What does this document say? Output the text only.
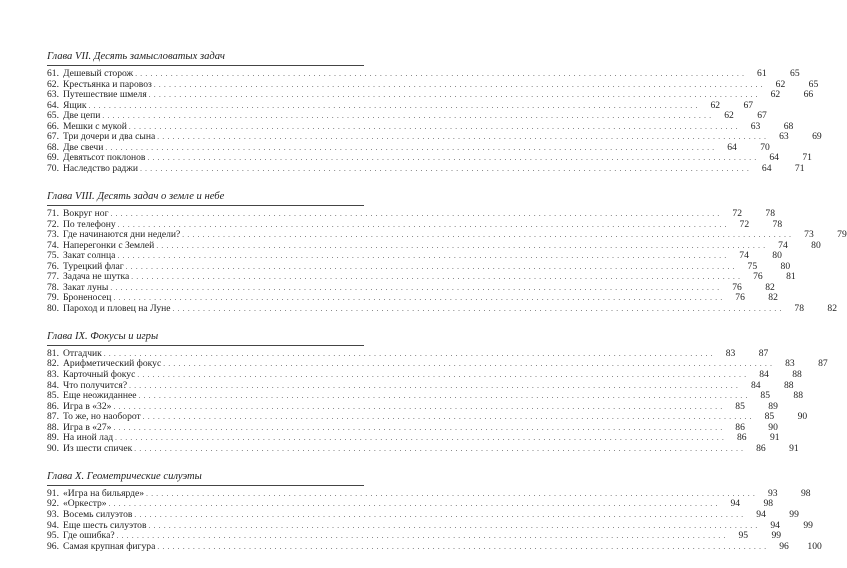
Глава VII. Десять замысловатых задач
61. Дешевый сторож . . . . . . . . . . . . . . . . . . . . . . . . . . . . . . . . . . . . . . . . . . . . . . . . . . . . . . . . . . . . . . . . . . . . . . . . . . . . . . . . . . . . . . . . . . . . . . . . . . . . . . . . . . . . . . . . . . . . . . . .	61	65
62. Крестьянка и паровоз . . . . . . . . . . . . . . . . . . . . . . . . . . . . . . . . . . . . . . . . . . . . . . . . . . . . . . . . . . . . . . . . . . . . . . . . . . . . . . . . . . . . . . . . . . . . . . . . . . . . . . . . . . . . . . . . . . . . . . . .	62	65
63. Путешествие шмеля . . . . . . . . . . . . . . . . . . . . . . . . . . . . . . . . . . . . . . . . . . . . . . . . . . . . . . . . . . . . . . . . . . . . . . . . . . . . . . . . . . . . . . . . . . . . . . . . . . . . . . . . . . . . . . . . . . . . . . . .	62	66
64. Ящик . . . . . . . . . . . . . . . . . . . . . . . . . . . . . . . . . . . . . . . . . . . . . . . . . . . . . . . . . . . . . . . . . . . . . . . . . . . . . . . . . . . . . . . . . . . . . . . . . . . . . . . . . . . . . . . . . . . . . . . .	62	67
65. Две цепи . . . . . . . . . . . . . . . . . . . . . . . . . . . . . . . . . . . . . . . . . . . . . . . . . . . . . . . . . . . . . . . . . . . . . . . . . . . . . . . . . . . . . . . . . . . . . . . . . . . . . . . . . . . . . . . . . . . . . . . .	62	67
66. Мешки с мукой . . . . . . . . . . . . . . . . . . . . . . . . . . . . . . . . . . . . . . . . . . . . . . . . . . . . . . . . . . . . . . . . . . . . . . . . . . . . . . . . . . . . . . . . . . . . . . . . . . . . . . . . . . . . . . . . . . . . . . . .	63	68
67. Три дочери и два сына . . . . . . . . . . . . . . . . . . . . . . . . . . . . . . . . . . . . . . . . . . . . . . . . . . . . . . . . . . . . . . . . . . . . . . . . . . . . . . . . . . . . . . . . . . . . . . . . . . . . . . . . . . . . . . . . . . . . . . . .	63	69
68. Две свечи . . . . . . . . . . . . . . . . . . . . . . . . . . . . . . . . . . . . . . . . . . . . . . . . . . . . . . . . . . . . . . . . . . . . . . . . . . . . . . . . . . . . . . . . . . . . . . . . . . . . . . . . . . . . . . . . . . . . . . . .	64	70
69. Девятьсот поклонов . . . . . . . . . . . . . . . . . . . . . . . . . . . . . . . . . . . . . . . . . . . . . . . . . . . . . . . . . . . . . . . . . . . . . . . . . . . . . . . . . . . . . . . . . . . . . . . . . . . . . . . . . . . . . . . . . . . . . . . .	64	71
70. Наследство раджи . . . . . . . . . . . . . . . . . . . . . . . . . . . . . . . . . . . . . . . . . . . . . . . . . . . . . . . . . . . . . . . . . . . . . . . . . . . . . . . . . . . . . . . . . . . . . . . . . . . . . . . . . . . . . . . . . . . . . . . .	64	71
Глава VIII. Десять задач о земле и небе
71. Вокруг ног . . . . . . . . . . . . . . . . . . . . . . . . . . . . . . . . . . . . . . . . . . . . . . . . . . . . . . . . . . . . . . . . . . . . . . . . . . . . . . . . . . . . . . . . . . . . . . . . . . . . . . . . . . . . . . . . . . . . . . . .	72	78
72. По телефону . . . . . . . . . . . . . . . . . . . . . . . . . . . . . . . . . . . . . . . . . . . . . . . . . . . . . . . . . . . . . . . . . . . . . . . . . . . . . . . . . . . . . . . . . . . . . . . . . . . . . . . . . . . . . . . . . . . . . . . .	72	78
73. Где начинаются дни недели? . . . . . . . . . . . . . . . . . . . . . . . . . . . . . . . . . . . . . . . . . . . . . . . . . . . . . . . . . . . . . . . . . . . . . . . . . . . . . . . . . . . . . . . . . . . . . . . . . . . . . . . . . . . . . . . . . . . . . . . .	73	79
74. Наперегонки с Землей . . . . . . . . . . . . . . . . . . . . . . . . . . . . . . . . . . . . . . . . . . . . . . . . . . . . . . . . . . . . . . . . . . . . . . . . . . . . . . . . . . . . . . . . . . . . . . . . . . . . . . . . . . . . . . . . . . . . . . . .	74	80
75. Закат солнца . . . . . . . . . . . . . . . . . . . . . . . . . . . . . . . . . . . . . . . . . . . . . . . . . . . . . . . . . . . . . . . . . . . . . . . . . . . . . . . . . . . . . . . . . . . . . . . . . . . . . . . . . . . . . . . . . . . . . . . .	74	80
76. Турецкий флаг . . . . . . . . . . . . . . . . . . . . . . . . . . . . . . . . . . . . . . . . . . . . . . . . . . . . . . . . . . . . . . . . . . . . . . . . . . . . . . . . . . . . . . . . . . . . . . . . . . . . . . . . . . . . . . . . . . . . . . . .	75	80
77. Задача не шутка . . . . . . . . . . . . . . . . . . . . . . . . . . . . . . . . . . . . . . . . . . . . . . . . . . . . . . . . . . . . . . . . . . . . . . . . . . . . . . . . . . . . . . . . . . . . . . . . . . . . . . . . . . . . . . . . . . . . . . . .	76	81
78. Закат луны . . . . . . . . . . . . . . . . . . . . . . . . . . . . . . . . . . . . . . . . . . . . . . . . . . . . . . . . . . . . . . . . . . . . . . . . . . . . . . . . . . . . . . . . . . . . . . . . . . . . . . . . . . . . . . . . . . . . . . . .	76	82
79. Броненосец . . . . . . . . . . . . . . . . . . . . . . . . . . . . . . . . . . . . . . . . . . . . . . . . . . . . . . . . . . . . . . . . . . . . . . . . . . . . . . . . . . . . . . . . . . . . . . . . . . . . . . . . . . . . . . . . . . . . . . . .	76	82
80. Пароход и пловец на Луне . . . . . . . . . . . . . . . . . . . . . . . . . . . . . . . . . . . . . . . . . . . . . . . . . . . . . . . . . . . . . . . . . . . . . . . . . . . . . . . . . . . . . . . . . . . . . . . . . . . . . . . . . . . . . . . . . . . . . . . .	78	82
Глава IX. Фокусы и игры
81. Отгадчик . . . . . . . . . . . . . . . . . . . . . . . . . . . . . . . . . . . . . . . . . . . . . . . . . . . . . . . . . . . . . . . . . . . . . . . . . . . . . . . . . . . . . . . . . . . . . . . . . . . . . . . . . . . . . . . . . . . . . . . .	83	87
82. Арифметический фокус . . . . . . . . . . . . . . . . . . . . . . . . . . . . . . . . . . . . . . . . . . . . . . . . . . . . . . . . . . . . . . . . . . . . . . . . . . . . . . . . . . . . . . . . . . . . . . . . . . . . . . . . . . . . . . . . . . . . . . . .	83	87
83. Карточный фокус . . . . . . . . . . . . . . . . . . . . . . . . . . . . . . . . . . . . . . . . . . . . . . . . . . . . . . . . . . . . . . . . . . . . . . . . . . . . . . . . . . . . . . . . . . . . . . . . . . . . . . . . . . . . . . . . . . . . . . . .	84	88
84. Что получится? . . . . . . . . . . . . . . . . . . . . . . . . . . . . . . . . . . . . . . . . . . . . . . . . . . . . . . . . . . . . . . . . . . . . . . . . . . . . . . . . . . . . . . . . . . . . . . . . . . . . . . . . . . . . . . . . . . . . . . . .	84	88
85. Еще неожиданнее . . . . . . . . . . . . . . . . . . . . . . . . . . . . . . . . . . . . . . . . . . . . . . . . . . . . . . . . . . . . . . . . . . . . . . . . . . . . . . . . . . . . . . . . . . . . . . . . . . . . . . . . . . . . . . . . . . . . . . . .	85	88
86. Игра в «32» . . . . . . . . . . . . . . . . . . . . . . . . . . . . . . . . . . . . . . . . . . . . . . . . . . . . . . . . . . . . . . . . . . . . . . . . . . . . . . . . . . . . . . . . . . . . . . . . . . . . . . . . . . . . . . . . . . . . . . . .	85	89
87. То же, но наоборот . . . . . . . . . . . . . . . . . . . . . . . . . . . . . . . . . . . . . . . . . . . . . . . . . . . . . . . . . . . . . . . . . . . . . . . . . . . . . . . . . . . . . . . . . . . . . . . . . . . . . . . . . . . . . . . . . . . . . . . .	85	90
88. Игра в «27» . . . . . . . . . . . . . . . . . . . . . . . . . . . . . . . . . . . . . . . . . . . . . . . . . . . . . . . . . . . . . . . . . . . . . . . . . . . . . . . . . . . . . . . . . . . . . . . . . . . . . . . . . . . . . . . . . . . . . . . .	86	90
89. На иной лад . . . . . . . . . . . . . . . . . . . . . . . . . . . . . . . . . . . . . . . . . . . . . . . . . . . . . . . . . . . . . . . . . . . . . . . . . . . . . . . . . . . . . . . . . . . . . . . . . . . . . . . . . . . . . . . . . . . . . . . .	86	91
90. Из шести спичек . . . . . . . . . . . . . . . . . . . . . . . . . . . . . . . . . . . . . . . . . . . . . . . . . . . . . . . . . . . . . . . . . . . . . . . . . . . . . . . . . . . . . . . . . . . . . . . . . . . . . . . . . . . . . . . . . . . . . . . .	86	91
Глава X. Геометрические силуэты
91. «Игра на бильярде» . . . . . . . . . . . . . . . . . . . . . . . . . . . . . . . . . . . . . . . . . . . . . . . . . . . . . . . . . . . . . . . . . . . . . . . . . . . . . . . . . . . . . . . . . . . . . . . . . . . . . . . . . . . . . . . . . . . . . . . .	93	98
92. «Оркестр» . . . . . . . . . . . . . . . . . . . . . . . . . . . . . . . . . . . . . . . . . . . . . . . . . . . . . . . . . . . . . . . . . . . . . . . . . . . . . . . . . . . . . . . . . . . . . . . . . . . . . . . . . . . . . . . . . . . . . . . .	94	98
93. Восемь силуэтов . . . . . . . . . . . . . . . . . . . . . . . . . . . . . . . . . . . . . . . . . . . . . . . . . . . . . . . . . . . . . . . . . . . . . . . . . . . . . . . . . . . . . . . . . . . . . . . . . . . . . . . . . . . . . . . . . . . . . . . .	94	99
94. Еще шесть силуэтов . . . . . . . . . . . . . . . . . . . . . . . . . . . . . . . . . . . . . . . . . . . . . . . . . . . . . . . . . . . . . . . . . . . . . . . . . . . . . . . . . . . . . . . . . . . . . . . . . . . . . . . . . . . . . . . . . . . . . . . .	94	99
95. Где ошибка? . . . . . . . . . . . . . . . . . . . . . . . . . . . . . . . . . . . . . . . . . . . . . . . . . . . . . . . . . . . . . . . . . . . . . . . . . . . . . . . . . . . . . . . . . . . . . . . . . . . . . . . . . . . . . . . . . . . . . . . .	95	99
96. Самая крупная фигура . . . . . . . . . . . . . . . . . . . . . . . . . . . . . . . . . . . . . . . . . . . . . . . . . . . . . . . . . . . . . . . . . . . . . . . . . . . . . . . . . . . . . . . . . . . . . . . . . . . . . . . . . . . . . . . . . . . . . . . .	96	100
